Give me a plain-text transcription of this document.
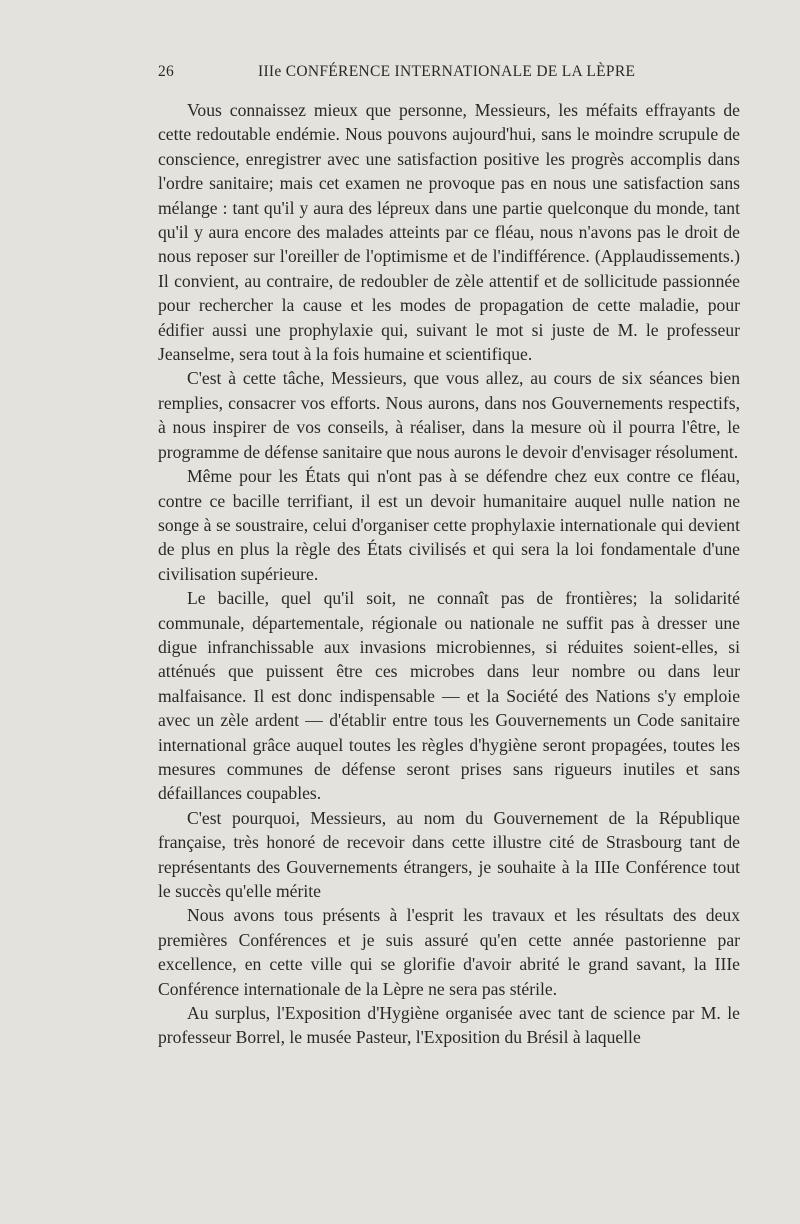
26	IIIe CONFÉRENCE INTERNATIONALE DE LA LÈPRE

Vous connaissez mieux que personne, Messieurs, les méfaits effrayants de cette redoutable endémie. Nous pouvons aujourd'hui, sans le moindre scrupule de conscience, enregistrer avec une satisfaction positive les progrès accomplis dans l'ordre sanitaire; mais cet examen ne provoque pas en nous une satisfaction sans mélange : tant qu'il y aura des lépreux dans une partie quelconque du monde, tant qu'il y aura encore des malades atteints par ce fléau, nous n'avons pas le droit de nous reposer sur l'oreiller de l'optimisme et de l'indifférence. (Applaudissements.) Il convient, au contraire, de redoubler de zèle attentif et de sollicitude passionnée pour rechercher la cause et les modes de propagation de cette maladie, pour édifier aussi une prophylaxie qui, suivant le mot si juste de M. le professeur Jeanselme, sera tout à la fois humaine et scientifique.

C'est à cette tâche, Messieurs, que vous allez, au cours de six séances bien remplies, consacrer vos efforts. Nous aurons, dans nos Gouvernements respectifs, à nous inspirer de vos conseils, à réaliser, dans la mesure où il pourra l'être, le programme de défense sanitaire que nous aurons le devoir d'envisager résolument.

Même pour les États qui n'ont pas à se défendre chez eux contre ce fléau, contre ce bacille terrifiant, il est un devoir humanitaire auquel nulle nation ne songe à se soustraire, celui d'organiser cette prophylaxie internationale qui devient de plus en plus la règle des États civilisés et qui sera la loi fondamentale d'une civilisation supérieure.

Le bacille, quel qu'il soit, ne connaît pas de frontières; la solidarité communale, départementale, régionale ou nationale ne suffit pas à dresser une digue infranchissable aux invasions microbiennes, si réduites soient-elles, si atténués que puissent être ces microbes dans leur nombre ou dans leur malfaisance. Il est donc indispensable — et la Société des Nations s'y emploie avec un zèle ardent — d'établir entre tous les Gouvernements un Code sanitaire international grâce auquel toutes les règles d'hygiène seront propagées, toutes les mesures communes de défense seront prises sans rigueurs inutiles et sans défaillances coupables.

C'est pourquoi, Messieurs, au nom du Gouvernement de la République française, très honoré de recevoir dans cette illustre cité de Strasbourg tant de représentants des Gouvernements étrangers, je souhaite à la IIIe Conférence tout le succès qu'elle mérite

Nous avons tous présents à l'esprit les travaux et les résultats des deux premières Conférences et je suis assuré qu'en cette année pastorienne par excellence, en cette ville qui se glorifie d'avoir abrité le grand savant, la IIIe Conférence internationale de la Lèpre ne sera pas stérile.

Au surplus, l'Exposition d'Hygiène organisée avec tant de science par M. le professeur Borrel, le musée Pasteur, l'Exposition du Brésil à laquelle
